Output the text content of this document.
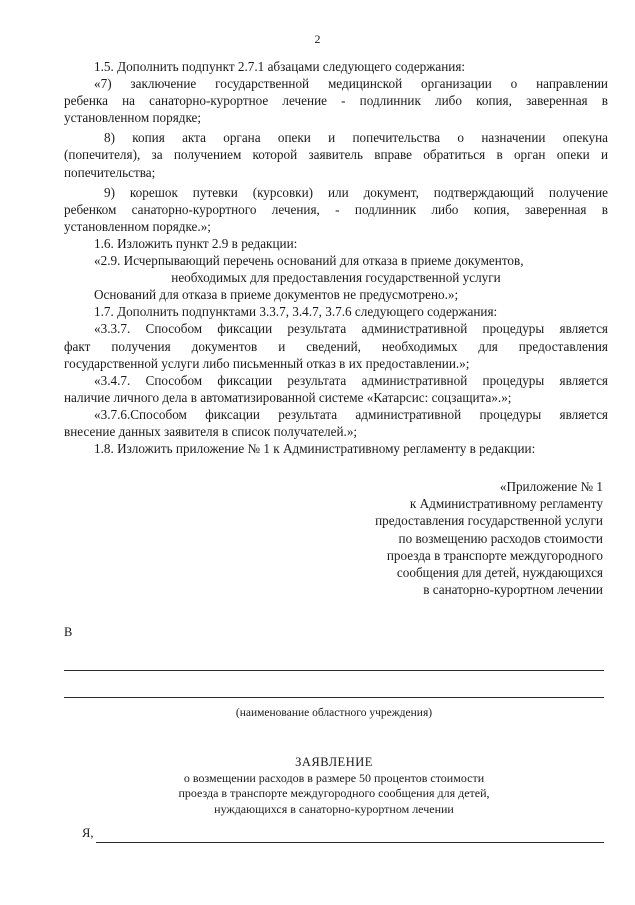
2

1.5. Дополнить подпункт 2.7.1 абзацами следующего содержания:

«7) заключение государственной медицинской организации о направлении

ребенка на санаторно-курортное лечение - подлинник либо копия, заверенная в

установленном порядке;

8) копия акта органа опеки и попечительства о назначении опекуна

(попечителя), за получением которой заявитель вправе обратиться в орган опеки и

попечительства;

9) корешок путевки (курсовки) или документ, подтверждающий получение

ребенком санаторно-курортного лечения, - подлинник либо копия, заверенная в

установленном порядке.»;

1.6. Изложить пункт 2.9 в редакции:

«2.9. Исчерпывающий перечень оснований для отказа в приеме документов,

необходимых для предоставления государственной услуги

Оснований для отказа в приеме документов не предусмотрено.»;

1.7. Дополнить подпунктами 3.3.7, 3.4.7, 3.7.6 следующего содержания:

«3.3.7. Способом фиксации результата административной процедуры является

факт получения документов и сведений, необходимых для предоставления

государственной услуги либо письменный отказ в их предоставлении.»;

«3.4.7. Способом фиксации результата административной процедуры является

наличие личного дела в автоматизированной системе «Катарсис: соцзащита».»;

«3.7.6.Способом фиксации результата административной процедуры является

внесение данных заявителя в список получателей.»;

1.8. Изложить приложение № 1 к Административному регламенту в редакции:

«Приложение № 1
к Административному регламенту
предоставления государственной услуги
по возмещению расходов стоимости
проезда в транспорте междугородного
сообщения для детей, нуждающихся
в санаторно-курортном лечении
В
(наименование областного учреждения)
ЗАЯВЛЕНИЕ
о возмещении расходов в размере 50 процентов стоимости
проезда в транспорте междугородного сообщения для детей,
нуждающихся в санаторно-курортном лечении
Я,
